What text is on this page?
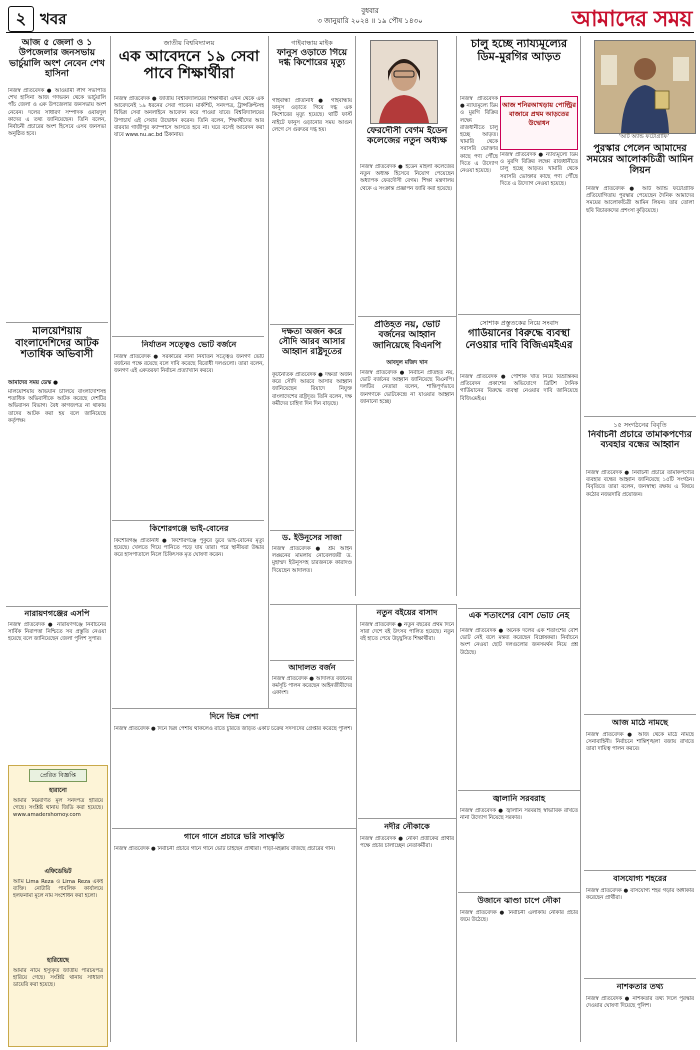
২ খবর	বুধবার
৩ জানুয়ারি ২০২৪ ॥ ১৯ পৌষ ১৪৩০	আমাদের সময়
আজ ৫ জেলা ও ১ উপজেলার জনসভায় ভার্চুয়ালি অংশ নেবেন শেখ হাসিনা
নিজস্ব প্রতিবেদক ● আওয়ামী লীগ সভাপতি শেখ হাসিনা আজ গণভবন থেকে ভার্চুয়ালি পাঁচ জেলা ও এক উপজেলার জনসভায় অংশ নেবেন। দলের সাধারণ সম্পাদক ওবায়দুল কাদের এ তথ্য জানিয়েছেন। তিনি বলেন, নির্বাচনী প্রচারের অংশ হিসেবে এসব জনসভা অনুষ্ঠিত হবে।
মালয়েশিয়ায় বাংলাদেশিদের আটক শতাধিক অভিবাসী
আমাদের সময় ডেস্ক ●
মালয়েশিয়ায় অভিযান চালিয়ে বাংলাদেশিসহ শতাধিক অভিবাসীকে আটক করেছে দেশটির অভিবাসন বিভাগ। বৈধ কাগজপত্র না থাকায় তাদের আটক করা হয় বলে জানিয়েছে কর্তৃপক্ষ।
নারায়ণগঞ্জের এসপি
নিজস্ব প্রতিবেদক ● নারায়ণগঞ্জে নির্বাচনের সার্বিক নিরাপত্তা নিশ্চিতে সব প্রস্তুতি নেওয়া হয়েছে বলে জানিয়েছেন জেলা পুলিশ সুপার।
প্রেরিত বিজ্ঞপ্তি
হারানো
আমার নিম্নবর্ণিত মূল সনদপত্র হারিয়ে গেছে। সংশ্লিষ্ট থানায় জিডি করা হয়েছে। www.amadershomoy.com
এফিডেভিট
আমি Lima Reza ও Lima Reza একই ব্যক্তি। নোটারি পাবলিক কার্যালয়ে হলফনামা মূলে নাম সংশোধন করা হলো।
হারিয়েছে
আমার নামে ইস্যুকৃত জাতীয় পরিচয়পত্র হারিয়ে গেছে। সংশ্লিষ্ট থানায় সাধারণ ডায়েরি করা হয়েছে।
জাতীয় বিশ্ববিদ্যালয়
এক আবেদনে ১৯ সেবা পাবে শিক্ষার্থীরা
নিজস্ব প্রতিবেদক ● জাতীয় বিশ্ববিদ্যালয়ের শিক্ষার্থীরা এখন থেকে এক আবেদনেই ১৯ ধরনের সেবা পাবেন। মার্কশিট, সনদপত্র, ট্রান্সক্রিপ্টসহ বিভিন্ন সেবা অনলাইনে আবেদন করে পাওয়া যাবে। বিশ্ববিদ্যালয়ের উপাচার্য এই সেবার উদ্বোধন করেন। তিনি বলেন, শিক্ষার্থীদের আর বারবার গাজীপুর ক্যাম্পাসে আসতে হবে না। ঘরে বসেই আবেদন করা যাবে www.nu.ac.bd ঠিকানায়।
নির্যাতন সত্ত্বেও ভোট বর্জনে
নিজস্ব প্রতিবেদক ● সরকারের নানা নির্যাতন সত্ত্বেও জনগণ ভোট বর্জনের পক্ষে রয়েছে বলে দাবি করেছে বিরোধী দলগুলো। তারা বলেন, জনগণ এই একতরফা নির্বাচন প্রত্যাখ্যান করবে।
কিশোরগঞ্জে ভাই-বোনের
কিশোরগঞ্জ প্রতিনিধি ● কিশোরগঞ্জে পুকুরে ডুবে ভাই-বোনের মৃত্যু হয়েছে। খেলতে গিয়ে পানিতে পড়ে যায় তারা। পরে স্থানীয়রা উদ্ধার করে হাসপাতালে নিলে চিকিৎসক মৃত ঘোষণা করেন।
দিনে ভিন্ন পেশা
নিজস্ব প্রতিবেদক ● দিনে ভিন্ন পেশায় থাকলেও রাতে চুরিতে জড়িত একটি চক্রের সদস্যদের গ্রেপ্তার করেছে পুলিশ।
গানে গানে প্রচারে ভরি সাংস্কৃতি
নিজস্ব প্রতিবেদক ● নির্বাচনী প্রচারে গানে গানে ভোট চাইছেন প্রার্থীরা। পাড়া-মহল্লায় বাজছে প্রচারের গান।
গাইবান্ধায় মাইক
ফানুস ওড়াতে গিয়ে দগ্ধ কিশোরের মৃত্যু
গাইবান্ধা প্রতিনিধি ● গাইবান্ধায় ফানুস ওড়াতে গিয়ে দগ্ধ এক কিশোরের মৃত্যু হয়েছে। থার্টি ফার্স্ট নাইটে ফানুস ওড়ানোর সময় আগুন লেগে সে গুরুতর দগ্ধ হয়।
দক্ষতা অর্জন করে সৌদি আরব আসার আহ্বান রাষ্ট্রদূতের
কূটনৈতিক প্রতিবেদক ● দক্ষতা অর্জন করে সৌদি আরবে আসার আহ্বান জানিয়েছেন রিয়াদে নিযুক্ত বাংলাদেশের রাষ্ট্রদূত। তিনি বলেন, দক্ষ কর্মীদের চাহিদা দিন দিন বাড়ছে।
ড. ইউনূসের সাজা
নিজস্ব প্রতিবেদক ● শ্রম আইন লঙ্ঘনের মামলায় নোবেলজয়ী ড. মুহাম্মদ ইউনূসসহ চারজনকে কারাদণ্ড দিয়েছেন আদালত।
আদালত বর্জন
নিজস্ব প্রতিবেদক ● আদালত বর্জনের কর্মসূচি পালন করেছেন আইনজীবীদের একাংশ।
ফেরদৌসী বেগম ইডেন কলেজের নতুন অধ্যক্ষ
নিজস্ব প্রতিবেদক ● ইডেন মহিলা কলেজের নতুন অধ্যক্ষ হিসেবে নিয়োগ পেয়েছেন অধ্যাপক ফেরদৌসী বেগম। শিক্ষা মন্ত্রণালয় থেকে এ সংক্রান্ত প্রজ্ঞাপন জারি করা হয়েছে।
প্রতিহত নয়, ভোট বর্জনের আহ্বান জানিয়েছে বিএনপি
আবদুল মজিদ খান
নিজস্ব প্রতিবেদক ● নির্বাচন প্রতিহত নয়, ভোট বর্জনের আহ্বান জানিয়েছে বিএনপি। দলটির নেতারা বলেন, শান্তিপূর্ণভাবে জনগণকে ভোটকেন্দ্রে না যাওয়ার আহ্বান জানানো হচ্ছে।
নতুন বইয়ের বাসাদ
নিজস্ব প্রতিবেদক ● নতুন বছরের প্রথম দিনে সারা দেশে বই উৎসব পালিত হয়েছে। নতুন বই হাতে পেয়ে উচ্ছ্বসিত শিক্ষার্থীরা।
নদীর নৌকাকে
নিজস্ব প্রতিবেদক ● নৌকা প্রতীকের প্রার্থীর পক্ষে প্রচার চালাচ্ছেন নেতাকর্মীরা।
চালু হচ্ছে ন্যায্যমূল্যের ডিম-মুরগির আড়ত
আজ শনিরআখড়ায় পোল্ট্রির বাজারে প্রথম আড়তের উদ্বোধন
নিজস্ব প্রতিবেদক ● ন্যায্যমূল্যে ডিম ও মুরগি বিক্রির লক্ষ্যে রাজধানীতে চালু হচ্ছে আড়ত। খামারি থেকে সরাসরি ভোক্তার কাছে পণ্য পৌঁছে দিতে এ উদ্যোগ নেওয়া হয়েছে।
নিজস্ব প্রতিবেদক ● ন্যায্যমূল্যে ডিম ও মুরগি বিক্রির লক্ষ্যে রাজধানীতে চালু হচ্ছে আড়ত। খামারি থেকে সরাসরি ভোক্তার কাছে পণ্য পৌঁছে দিতে এ উদ্যোগ নেওয়া হয়েছে।
সোশাক প্রস্তুতকের নিয়ে সংবাদ
গার্ডিয়ানের বিরুদ্ধে ব্যবস্থা নেওয়ার দাবি বিজিএমইএর
নিজস্ব প্রতিবেদক ● পোশাক খাত নিয়ে বিভ্রান্তিকর প্রতিবেদন প্রকাশের অভিযোগে ব্রিটিশ দৈনিক গার্ডিয়ানের বিরুদ্ধে ব্যবস্থা নেওয়ার দাবি জানিয়েছে বিজিএমইএ।
এক শতাংশের বেশি ভোট নেই
নিজস্ব প্রতিবেদক ● অনেক দলের এক শতাংশের বেশি ভোট নেই বলে মন্তব্য করেছেন বিশ্লেষকরা। নির্বাচনে অংশ নেওয়া ছোট দলগুলোর জনসমর্থন নিয়ে প্রশ্ন উঠেছে।
জ্বালানি সরবরাহ
নিজস্ব প্রতিবেদক ● জ্বালানি সরবরাহ স্বাভাবিক রাখতে নানা উদ্যোগ নিয়েছে সরকার।
উজানে ঝাণ্ডা চাপে নৌকা
নিজস্ব প্রতিবেদক ● নির্বাচনী এলাকায় নৌকার প্রচার জমে উঠেছে।
‘আর্ট অ্যান্ড ফটোগ্রাফি’
পুরস্কার পেলেন আমাদের সময়ের আলোকচিত্রী আমিন লিয়ন
নিজস্ব প্রতিবেদক ● আর্ট অ্যান্ড ফটোগ্রাফি প্রতিযোগিতায় পুরস্কার পেয়েছেন দৈনিক আমাদের সময়ের আলোকচিত্রী আমিন লিয়ন। তার তোলা ছবি বিচারকদের প্রশংসা কুড়িয়েছে।
১৫ সংগঠনের বিবৃতি
নির্বাচনী প্রচারে তামাকপণ্যের ব্যবহার বন্ধের আহ্বান
নিজস্ব প্রতিবেদক ● নির্বাচনী প্রচারে তামাকপণ্যের ব্যবহার বন্ধের আহ্বান জানিয়েছে ১৫টি সংগঠন। বিবৃতিতে তারা বলেন, জনস্বাস্থ্য রক্ষায় এ বিষয়ে কঠোর নজরদারি প্রয়োজন।
আজ মাঠে নামছে
নিজস্ব প্রতিবেদক ● আজ থেকে মাঠে নামছে সেনাবাহিনী। নির্বাচনে শান্তিশৃঙ্খলা বজায় রাখতে তারা দায়িত্ব পালন করবে।
বাসযোগ্য শহরের
নিজস্ব প্রতিবেদক ● বাসযোগ্য শহর গড়ার অঙ্গীকার করেছেন প্রার্থীরা।
নাশকতার তথ্য
নিজস্ব প্রতিবেদক ● নাশকতার তথ্য দিলে পুরস্কার দেওয়ার ঘোষণা দিয়েছে পুলিশ।
